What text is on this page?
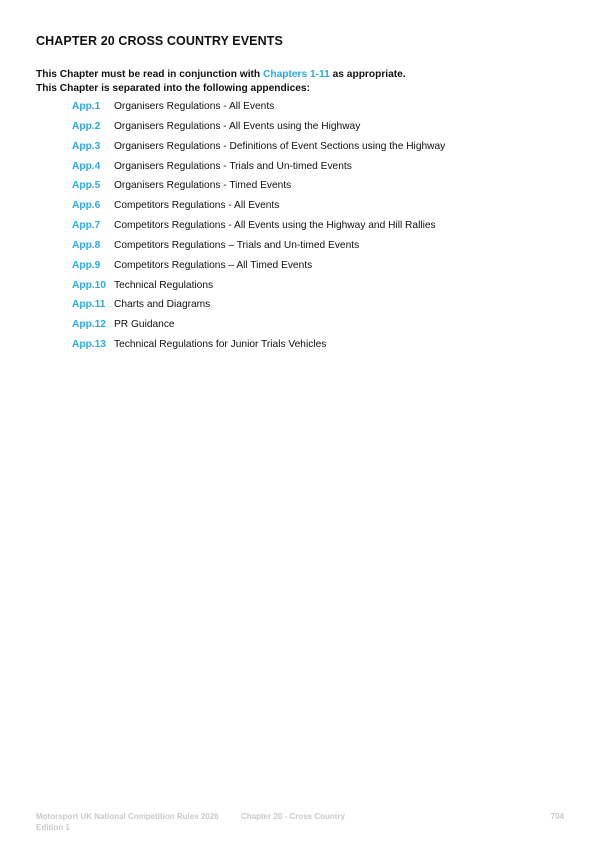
CHAPTER 20 CROSS COUNTRY EVENTS
This Chapter must be read in conjunction with Chapters 1-11 as appropriate.
This Chapter is separated into the following appendices:
App.1	Organisers Regulations - All Events
App.2	Organisers Regulations - All Events using the Highway
App.3	Organisers Regulations - Definitions of Event Sections using the Highway
App.4	Organisers Regulations - Trials and Un-timed Events
App.5	Organisers Regulations - Timed Events
App.6	Competitors Regulations - All Events
App.7	Competitors Regulations - All Events using the Highway and Hill Rallies
App.8	Competitors Regulations – Trials and Un-timed Events
App.9	Competitors Regulations – All Timed Events
App.10 Technical Regulations
App.11 Charts and Diagrams
App.12 PR Guidance
App.13 Technical Regulations for Junior Trials Vehicles
Motorsport UK National Competition Rules 2026
Edition 1
Chapter 20 - Cross Country	704
